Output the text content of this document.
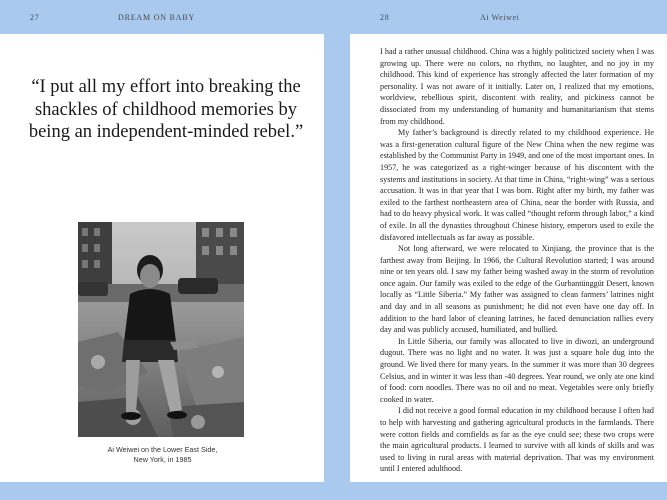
27	DREAM ON BABY	28	Ai Weiwei
“I put all my effort into breaking the shackles of childhood memories by being an independent-minded rebel.”
Ai Weiwei on the Lower East Side,
New York, in 1985

I had a rather unusual childhood. China was a highly politicized society when I was growing up. There were no colors, no rhythm, no laughter, and no joy in my childhood. This kind of experience has strongly affected the later formation of my personality. I was not aware of it initially. Later on, I realized that my emotions, worldview, rebellious spirit, discontent with reality, and pickiness cannot be dissociated from my understanding of humanity and humanitarianism that stems from my childhood.

My father’s background is directly related to my childhood experience. He was a first-generation cultural figure of the New China when the new regime was established by the Communist Party in 1949, and one of the most important ones. In 1957, he was categorized as a right-winger because of his discontent with the systems and institutions in society. At that time in China, “right-wing” was a serious accusation. It was in that year that I was born. Right after my birth, my father was exiled to the farthest northeastern area of China, near the border with Russia, and had to do heavy physical work. It was called “thought reform through labor,” a kind of exile. In all the dynasties throughout Chinese history, emperors used to exile the disfavored intellectuals as far away as possible.

Not long afterward, we were relocated to Xinjiang, the province that is the farthest away from Beijing. In 1966, the Cultural Revolution started; I was around nine or ten years old. I saw my father being washed away in the storm of revolution once again. Our family was exiled to the edge of the Gurbantünggüt Desert, known locally as “Little Siberia.” My father was assigned to clean farmers’ latrines night and day and in all seasons as punishment; he did not even have one day off. In addition to the hard labor of cleaning latrines, he faced denunciation rallies every day and was publicly accused, humiliated, and bullied.

In Little Siberia, our family was allocated to live in diwozi, an underground dugout. There was no light and no water. It was just a square hole dug into the ground. We lived there for many years. In the summer it was more than 30 degrees Celsius, and in winter it was less than -40 degrees. Year round, we only ate one kind of food: corn noodles. There was no oil and no meat. Vegetables were only briefly cooked in water.

I did not receive a good formal education in my childhood because I often had to help with harvesting and gathering agricultural products in the farmlands. There were cotton fields and cornfields as far as the eye could see; these two crops were the main agricultural products. I learned to survive with all kinds of skills and was used to living in rural areas with material deprivation. That was my environment until I entered adulthood.
